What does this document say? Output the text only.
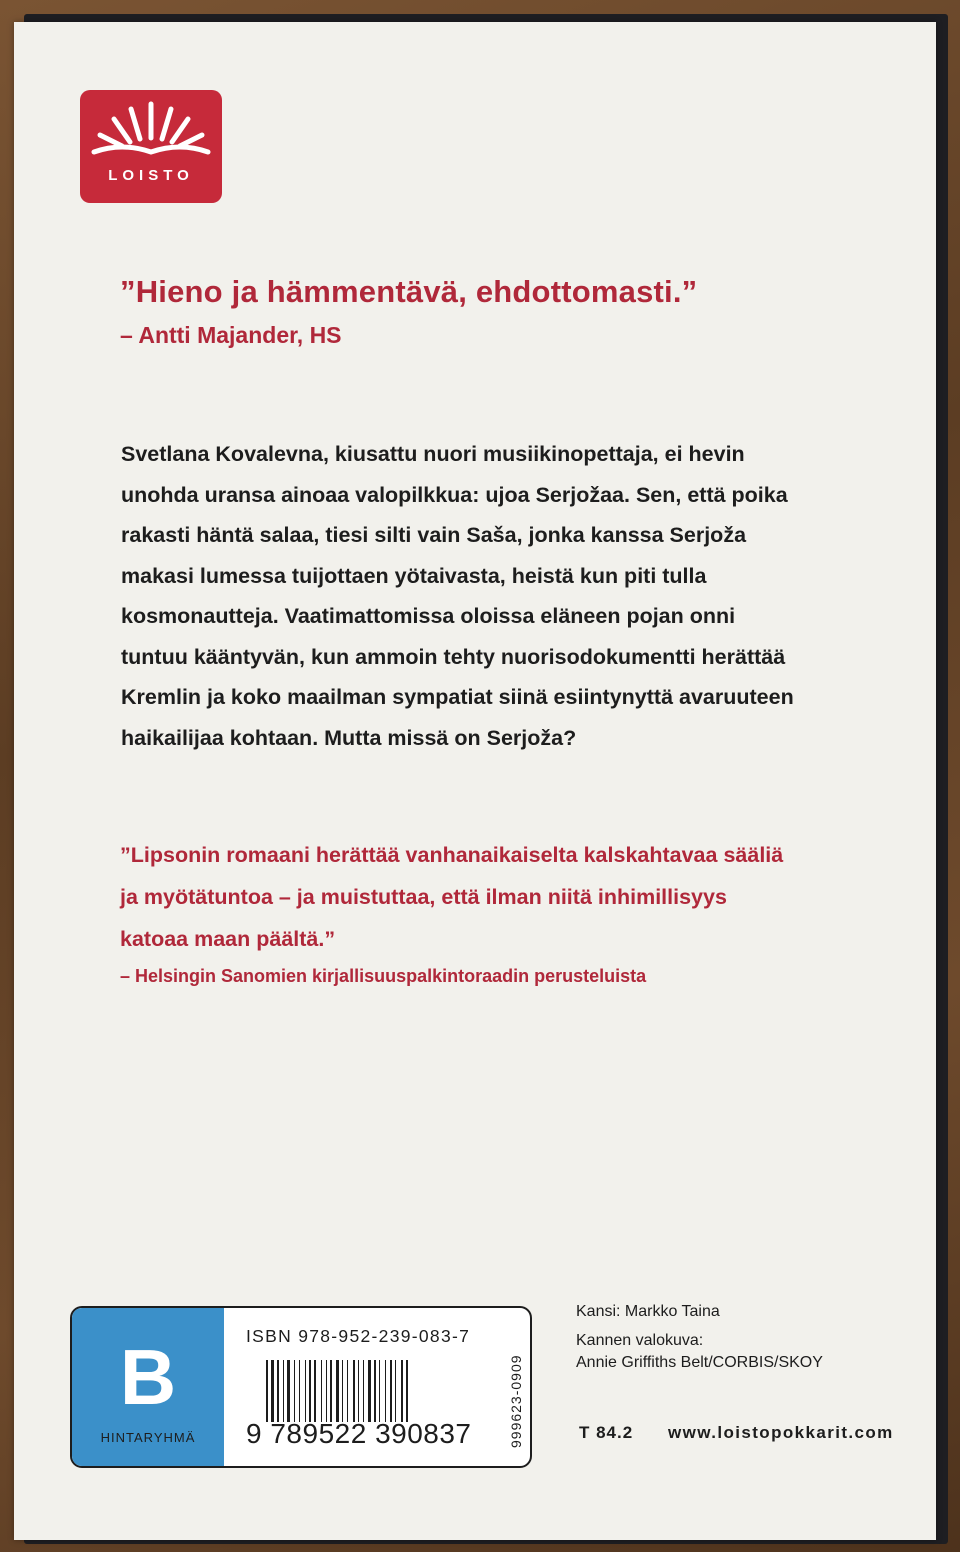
LOISTO
”Hieno ja hämmentävä, ehdottomasti.”
– Antti Majander, HS
Svetlana Kovalevna, kiusattu nuori musiikinopettaja, ei hevin
unohda uransa ainoaa valopilkkua: ujoa Serjožaa. Sen, että poika
rakasti häntä salaa, tiesi silti vain Saša, jonka kanssa Serjoža
makasi lumessa tuijottaen yötaivasta, heistä kun piti tulla
kosmonautteja. Vaatimattomissa oloissa eläneen pojan onni
tuntuu kääntyvän, kun ammoin tehty nuorisodokumentti herättää
Kremlin ja koko maailman sympatiat siinä esiintynyttä avaruuteen
haikailijaa kohtaan. Mutta missä on Serjoža?
”Lipsonin romaani herättää vanhanaikaiselta kalskahtavaa sääliä
ja myötätuntoa – ja muistuttaa, että ilman niitä inhimillisyys
katoaa maan päältä.”
– Helsingin Sanomien kirjallisuuspalkintoraadin perusteluista
B
HINTARYHMÄ
ISBN 978-952-239-083-7
9 789522 390837	999623-0909
Kansi: Markko Taina
Kannen valokuva:
Annie Griffiths Belt/CORBIS/SKOY
T 84.2 www.loistopokkarit.com
